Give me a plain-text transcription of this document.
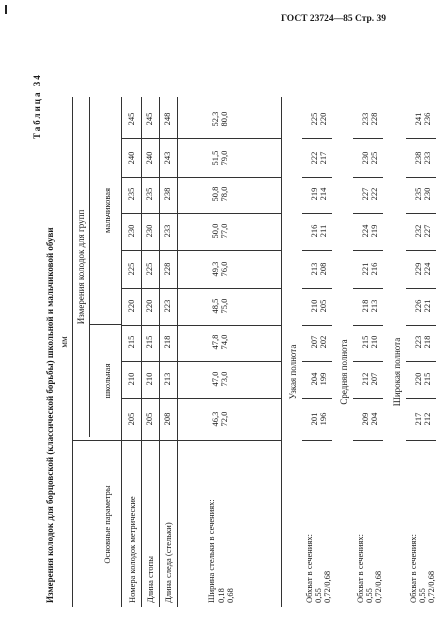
ГОСТ 23724—85 Стр. 39
Таблица 34
Измерения колодок для борцовской (классической борьбы) школьной и мальчиковой обуви мм
Измерения колодок для групп
школьная
мальчиковая
Основные параметры Номера колодок метрические
205
210
215
220
225
230
235
240
245
Длина стопы
205
210
215
220
225
230
235
240
245
Длина следа (стельки)
208
213
218
223
228
233
238
243
248
Ширина стельки в сечениях: 0,18 0,68
46,3 72,0
47,0 73,0
47,8 74,0
48,5 75,0
49,3 76,0
50,0 77,0
50,8 78,0
51,5 79,0
52,3 80,0
Узкая полнота
Обхват в сечениях: 0,55 0,72/0,68
201 196
204 199
207 202
210 205
213 208
216 211
219 214
222 217
225 220
Средняя полнота
Обхват в сечениях: 0,55 0,72/0,68
209 204
212 207
215 210
218 213
221 216
224 219
227 222
230 225
233 228
Широкая полнота
Обхват в сечениях: 0,55 0,72/0,68
217 212
220 215
223 218
226 221
229 224
232 227
235 230
238 233
241 236
